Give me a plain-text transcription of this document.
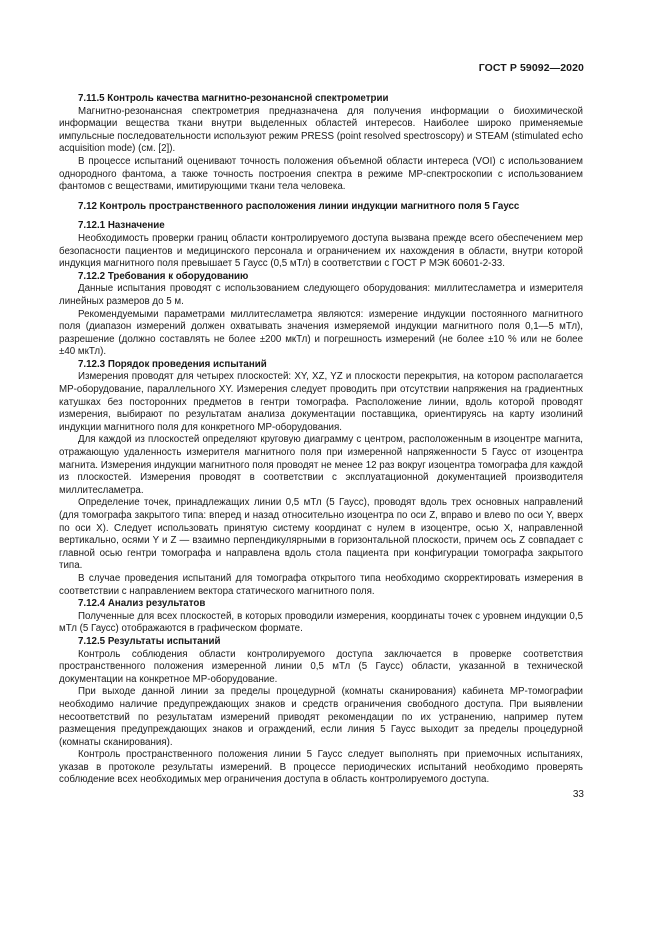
ГОСТ Р 59092—2020
7.11.5 Контроль качества магнитно-резонансной спектрометрии

Магнитно-резонансная спектрометрия предназначена для получения информации о биохимической информации вещества ткани внутри выделенных областей интересов. Наиболее широко применяемые импульсные последовательности используют режим PRESS (point resolved spectroscopy) и STEAM (stimulated echo acquisition mode) (см. [2]).

В процессе испытаний оценивают точность положения объемной области интереса (VOI) с использованием однородного фантома, а также точность построения спектра в режиме МР-спектроскопии с использованием фантомов с веществами, имитирующими ткани тела человека.

7.12 Контроль пространственного расположения линии индукции магнитного поля 5 Гаусс
7.12.1 Назначение

Необходимость проверки границ области контролируемого доступа вызвана прежде всего обеспечением мер безопасности пациентов и медицинского персонала и ограничением их нахождения в области, внутри которой индукция магнитного поля превышает 5 Гаусс (0,5 мТл) в соответствии с ГОСТ Р МЭК 60601-2-33.

7.12.2 Требования к оборудованию

Данные испытания проводят с использованием следующего оборудования: миллитесламетра и измерителя линейных размеров до 5 м.

Рекомендуемыми параметрами миллитесламетра являются: измерение индукции постоянного магнитного поля (диапазон измерений должен охватывать значения измеряемой индукции магнитного поля 0,1—5 мТл), разрешение (должно составлять не более ±200 мкТл) и погрешность измерений (не более ±10 % или не более ±40 мкТл).

7.12.3 Порядок проведения испытаний

Измерения проводят для четырех плоскостей: XY, XZ, YZ и плоскости перекрытия, на котором располагается МР-оборудование, параллельного XY. Измерения следует проводить при отсутствии напряжения на градиентных катушках без посторонних предметов в гентри томографа. Расположение линии, вдоль которой проводят измерения, выбирают по результатам анализа документации поставщика, ориентируясь на карту изолиний индукции магнитного поля для конкретного МР-оборудования.

Для каждой из плоскостей определяют круговую диаграмму с центром, расположенным в изоцентре магнита, отражающую удаленность измерителя магнитного поля при измеренной напряженности 5 Гаусс от изоцентра магнита. Измерения индукции магнитного поля проводят не менее 12 раз вокруг изоцентра томографа для каждой из плоскостей. Измерения проводят в соответствии с эксплуатационной документацией производителя миллитесламетра.

Определение точек, принадлежащих линии 0,5 мТл (5 Гаусс), проводят вдоль трех основных направлений (для томографа закрытого типа: вперед и назад относительно изоцентра по оси Z, вправо и влево по оси Y, вверх по оси X). Следует использовать принятую систему координат с нулем в изоцентре, осью X, направленной вертикально, осями Y и Z — взаимно перпендикулярными в горизонтальной плоскости, причем ось Z совпадает с главной осью гентри томографа и направлена вдоль стола пациента при конфигурации томографа закрытого типа.

В случае проведения испытаний для томографа открытого типа необходимо скорректировать измерения в соответствии с направлением вектора статического магнитного поля.

7.12.4 Анализ результатов

Полученные для всех плоскостей, в которых проводили измерения, координаты точек с уровнем индукции 0,5 мТл (5 Гаусс) отображаются в графическом формате.

7.12.5 Результаты испытаний

Контроль соблюдения области контролируемого доступа заключается в проверке соответствия пространственного положения измеренной линии 0,5 мТл (5 Гаусс) области, указанной в технической документации на конкретное МР-оборудование.

При выходе данной линии за пределы процедурной (комнаты сканирования) кабинета МР-томографии необходимо наличие предупреждающих знаков и средств ограничения свободного доступа. При выявлении несоответствий по результатам измерений приводят рекомендации по их устранению, например путем размещения предупреждающих знаков и ограждений, если линия 5 Гаусс выходит за пределы процедурной (комнаты сканирования).

Контроль пространственного положения линии 5 Гаусс следует выполнять при приемочных испытаниях, указав в протоколе результаты измерений. В процессе периодических испытаний необходимо проверять соблюдение всех необходимых мер ограничения доступа в область контролируемого доступа.

33
